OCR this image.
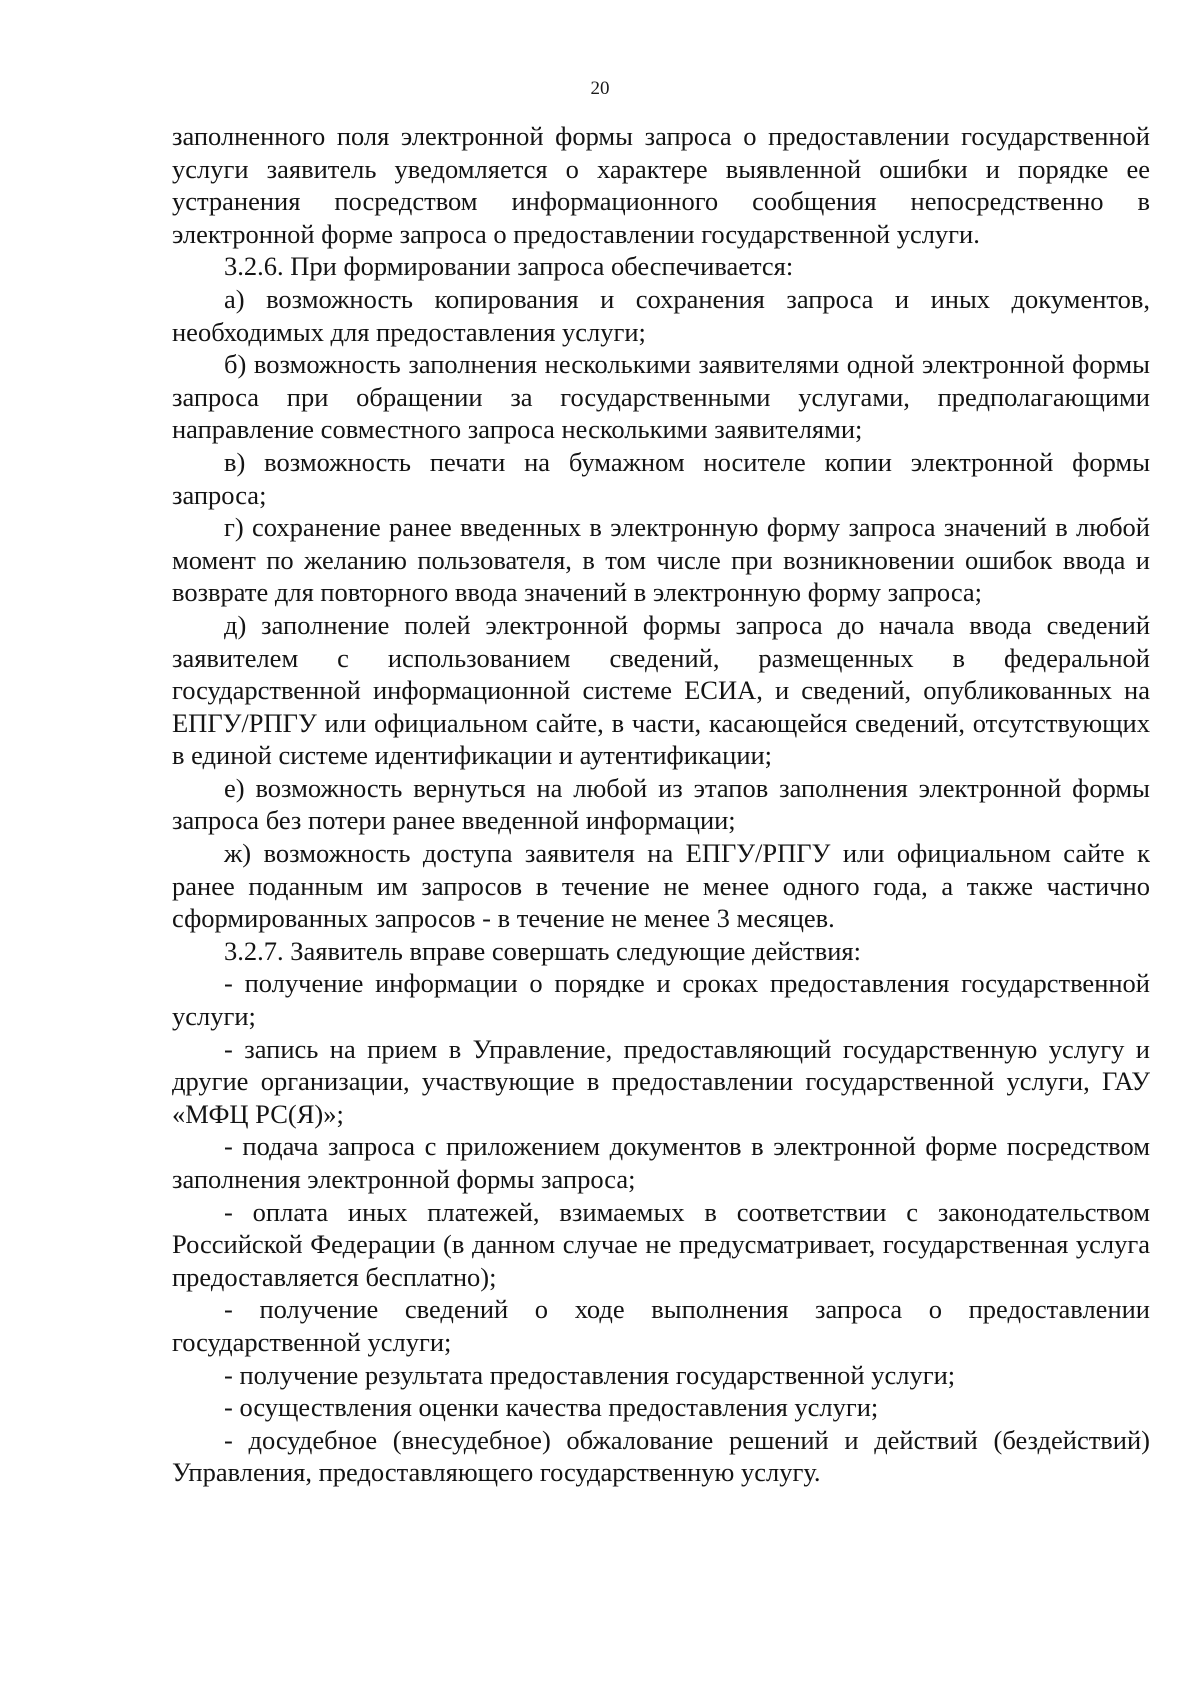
20

заполненного поля электронной формы запроса о предоставлении государственной услуги заявитель уведомляется о характере выявленной ошибки и порядке ее устранения посредством информационного сообщения непосредственно в электронной форме запроса о предоставлении государственной услуги.

3.2.6. При формировании запроса обеспечивается:

а) возможность копирования и сохранения запроса и иных документов, необходимых для предоставления услуги;

б) возможность заполнения несколькими заявителями одной электронной формы запроса при обращении за государственными услугами, предполагающими направление совместного запроса несколькими заявителями;

в) возможность печати на бумажном носителе копии электронной формы запроса;

г) сохранение ранее введенных в электронную форму запроса значений в любой момент по желанию пользователя, в том числе при возникновении ошибок ввода и возврате для повторного ввода значений в электронную форму запроса;

д) заполнение полей электронной формы запроса до начала ввода сведений заявителем с использованием сведений, размещенных в федеральной государственной информационной системе ЕСИА, и сведений, опубликованных на ЕПГУ/РПГУ или официальном сайте, в части, касающейся сведений, отсутствующих в единой системе идентификации и аутентификации;

е) возможность вернуться на любой из этапов заполнения электронной формы запроса без потери ранее введенной информации;

ж) возможность доступа заявителя на ЕПГУ/РПГУ или официальном сайте к ранее поданным им запросов в течение не менее одного года, а также частично сформированных запросов - в течение не менее 3 месяцев.

3.2.7. Заявитель вправе совершать следующие действия:

- получение информации о порядке и сроках предоставления государственной услуги;

- запись на прием в Управление, предоставляющий государственную услугу и другие организации, участвующие в предоставлении государственной услуги, ГАУ «МФЦ РС(Я)»;

- подача запроса с приложением документов в электронной форме посредством заполнения электронной формы запроса;

- оплата иных платежей, взимаемых в соответствии с законодательством Российской Федерации (в данном случае не предусматривает, государственная услуга предоставляется бесплатно);

- получение сведений о ходе выполнения запроса о предоставлении государственной услуги;

- получение результата предоставления государственной услуги;

- осуществления оценки качества предоставления услуги;

- досудебное (внесудебное) обжалование решений и действий (бездействий) Управления, предоставляющего государственную услугу.
